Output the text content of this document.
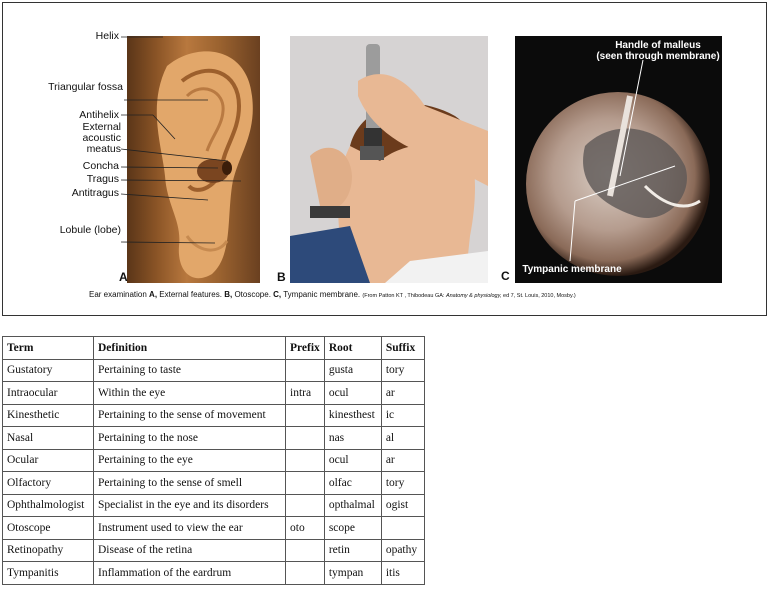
A
Helix
Triangular fossa
Antihelix
External acoustic meatus
Concha
Tragus
Antitragus
Lobule (lobe)
B
Handle of malleus
(seen through membrane)
Tympanic membrane
C
Ear examination A, External features. B, Otoscope. C, Tympanic membrane. (From Patton KT , Thibodeau GA: Anatomy & physiology, ed 7, St. Louis, 2010, Mosby.)
Term	Definition	Prefix	Root	Suffix
Gustatory	Pertaining to taste		gusta	tory
Intraocular	Within the eye	intra	ocul	ar
Kinesthetic	Pertaining to the sense of movement		kinesthest	ic
Nasal	Pertaining to the nose		nas	al
Ocular	Pertaining to the eye		ocul	ar
Olfactory	Pertaining to the sense of smell		olfac	tory
Ophthalmologist	Specialist in the eye and its disorders		opthalmal	ogist
Otoscope	Instrument used to view the ear	oto	scope	
Retinopathy	Disease of the retina		retin	opathy
Tympanitis	Inflammation of the eardrum		tympan	itis
